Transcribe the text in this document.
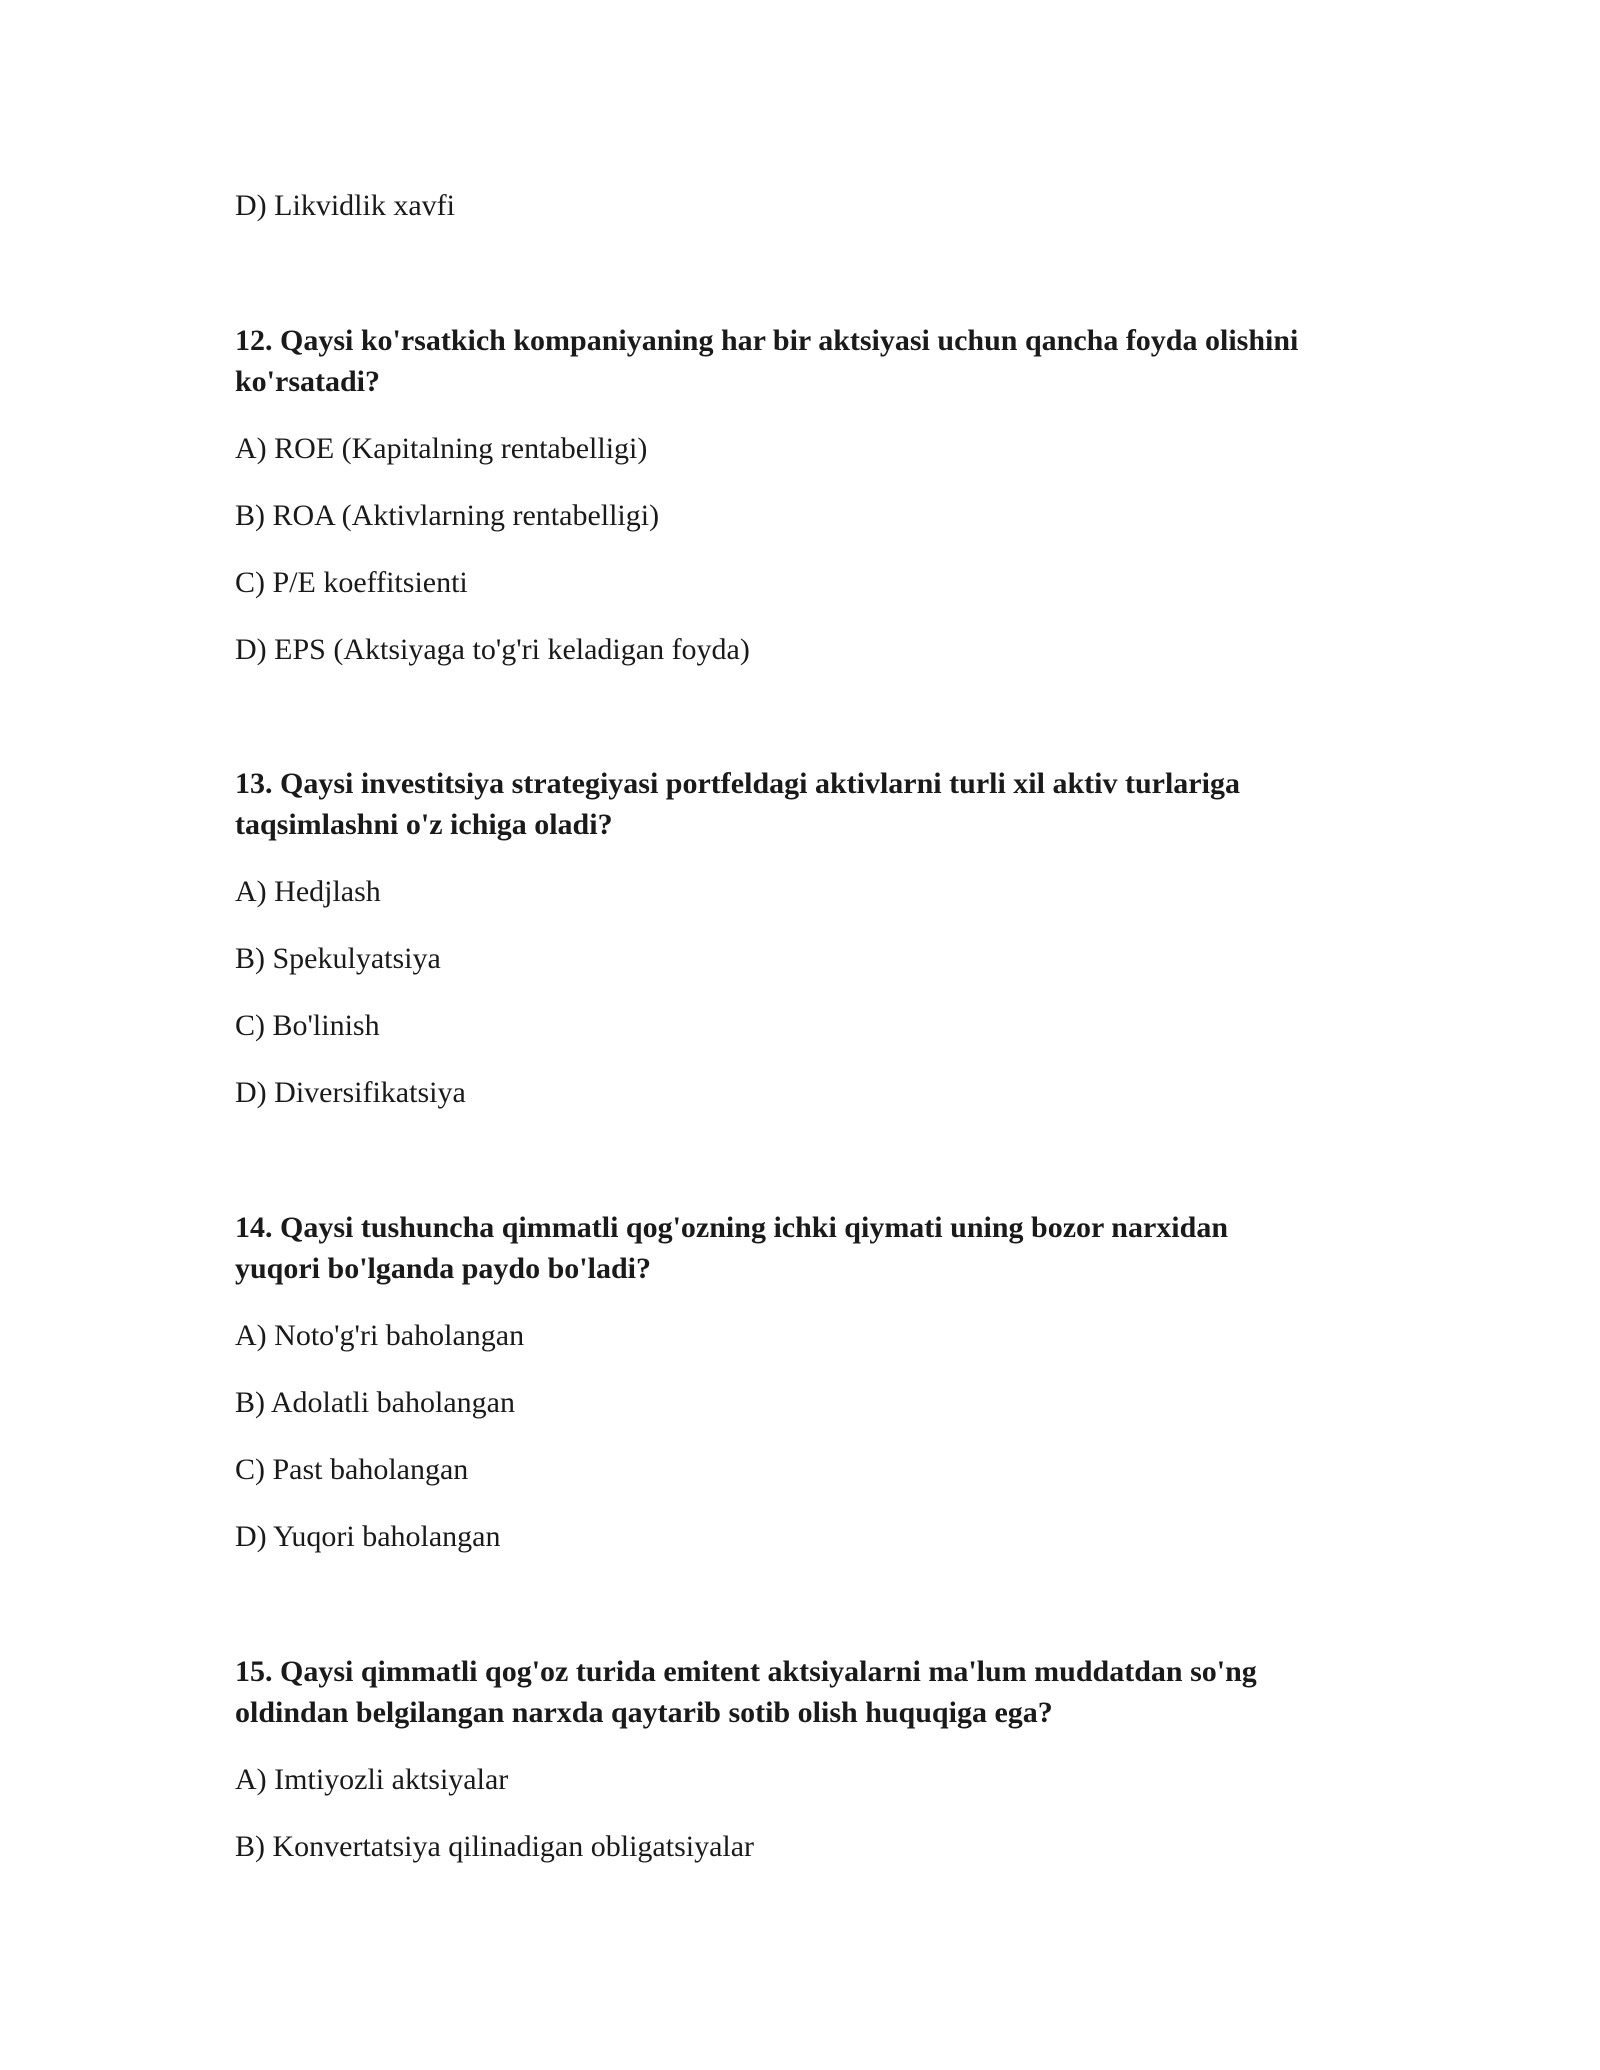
D) Likvidlik xavfi
12. Qaysi ko'rsatkich kompaniyaning har bir aktsiyasi uchun qancha foyda olishini
ko'rsatadi?
A) ROE (Kapitalning rentabelligi)
B) ROA (Aktivlarning rentabelligi)
C) P/E koeffitsienti
D) EPS (Aktsiyaga to'g'ri keladigan foyda)
13. Qaysi investitsiya strategiyasi portfeldagi aktivlarni turli xil aktiv turlariga
taqsimlashni o'z ichiga oladi?
A) Hedjlash
B) Spekulyatsiya
C) Bo'linish
D) Diversifikatsiya
14. Qaysi tushuncha qimmatli qog'ozning ichki qiymati uning bozor narxidan
yuqori bo'lganda paydo bo'ladi?
A) Noto'g'ri baholangan
B) Adolatli baholangan
C) Past baholangan
D) Yuqori baholangan
15. Qaysi qimmatli qog'oz turida emitent aktsiyalarni ma'lum muddatdan so'ng
oldindan belgilangan narxda qaytarib sotib olish huquqiga ega?
A) Imtiyozli aktsiyalar
B) Konvertatsiya qilinadigan obligatsiyalar
